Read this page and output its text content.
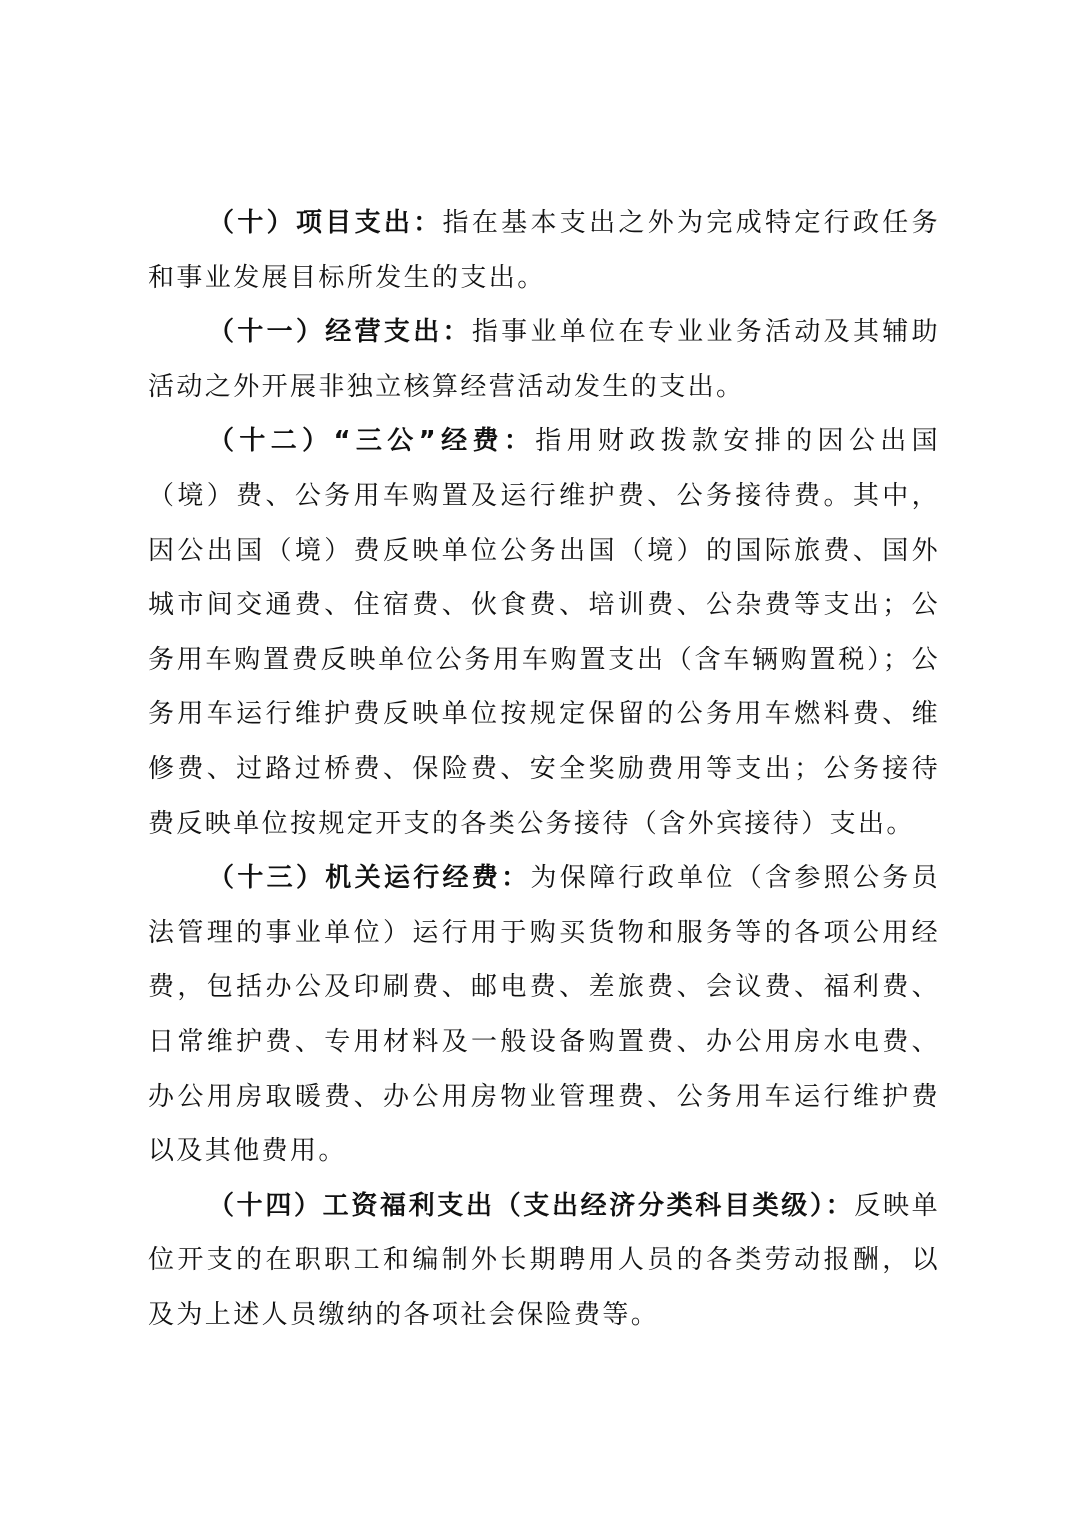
（十）项目支出：指在基本支出之外为完成特定行政任务和事业发展目标所发生的支出。

（十一）经营支出：指事业单位在专业业务活动及其辅助活动之外开展非独立核算经营活动发生的支出。

（十二）“三公”经费：指用财政拨款安排的因公出国（境）费、公务用车购置及运行维护费、公务接待费。其中，因公出国（境）费反映单位公务出国（境）的国际旅费、国外城市间交通费、住宿费、伙食费、培训费、公杂费等支出；公务用车购置费反映单位公务用车购置支出（含车辆购置税）；公务用车运行维护费反映单位按规定保留的公务用车燃料费、维修费、过路过桥费、保险费、安全奖励费用等支出；公务接待费反映单位按规定开支的各类公务接待（含外宾接待）支出。

（十三）机关运行经费：为保障行政单位（含参照公务员法管理的事业单位）运行用于购买货物和服务等的各项公用经费，包括办公及印刷费、邮电费、差旅费、会议费、福利费、日常维护费、专用材料及一般设备购置费、办公用房水电费、办公用房取暖费、办公用房物业管理费、公务用车运行维护费以及其他费用。

（十四）工资福利支出（支出经济分类科目类级）：反映单位开支的在职职工和编制外长期聘用人员的各类劳动报酬，以及为上述人员缴纳的各项社会保险费等。
